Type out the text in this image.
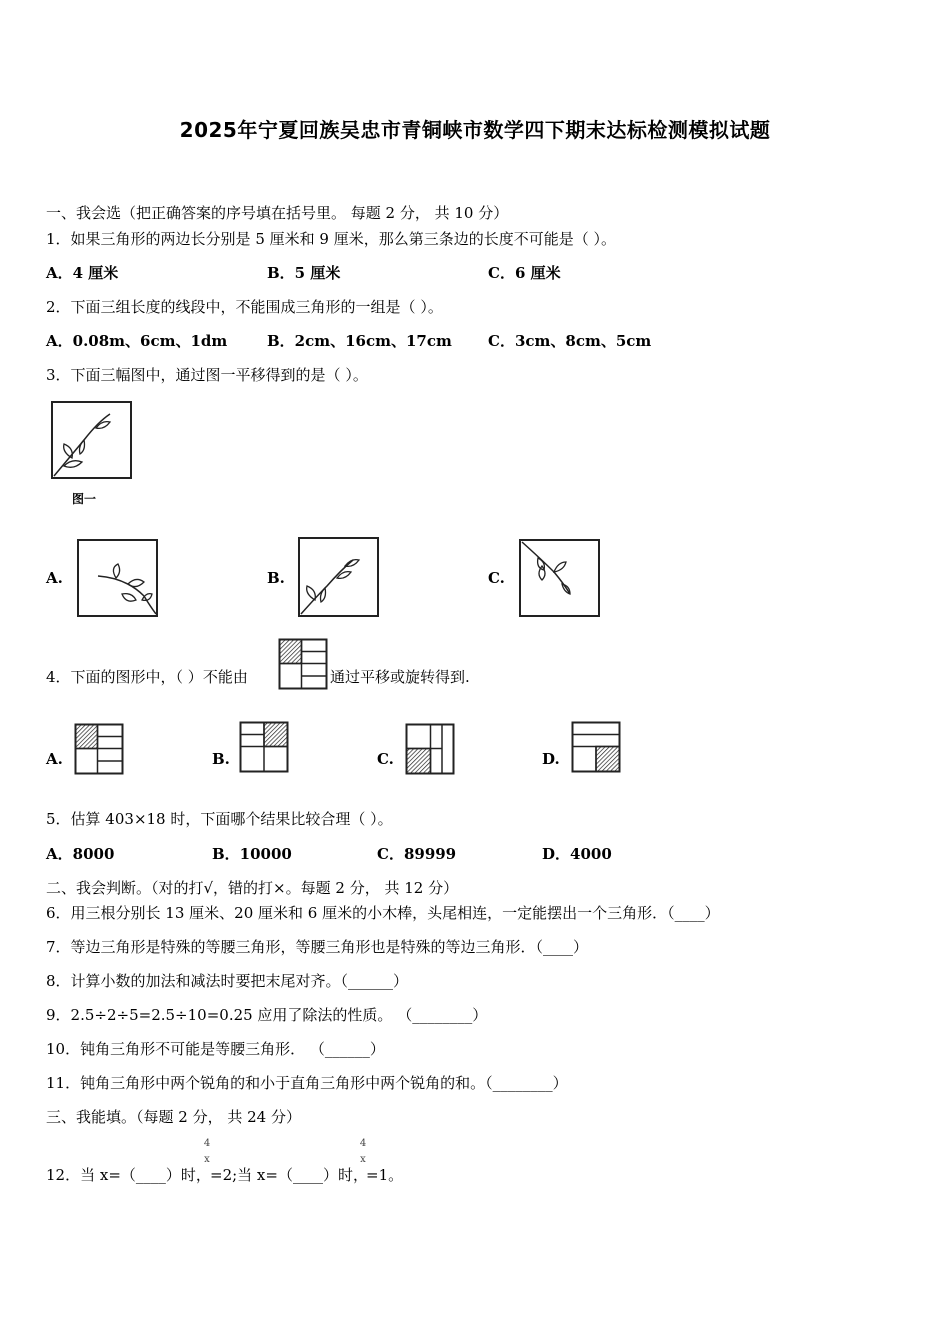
2025年宁夏回族吴忠市青铜峡市数学四下期末达标检测模拟试题
一、我会选（把正确答案的序号填在括号里。 每题 2 分， 共 10 分）
1．如果三角形的两边长分别是 5 厘米和 9 厘米，那么第三条边的长度不可能是（ ）。
A．4 厘米	B．5 厘米	C．6 厘米
2．下面三组长度的线段中，不能围成三角形的一组是（ ）。
A．0.08m、6cm、1dm	B．2cm、16cm、17cm C．3cm、8cm、5cm
3．下面三幅图中，通过图一平移得到的是（ ）。
图一
A.	B.	C.
4．下面的图形中，（ ）不能由	通过平移或旋转得到.
A.	B.	C.	D.
5．估算 403×18 时，下面哪个结果比较合理（ ）。
A．8000	B．10000	C．89999	D．4000
二、我会判断。（对的打√，错的打×。每题 2 分， 共 12 分）
6．用三根分别长 13 厘米、20 厘米和 6 厘米的小木棒，头尾相连，一定能摆出一个三角形．（____）
7．等边三角形是特殊的等腰三角形，等腰三角形也是特殊的等边三角形．（____）
8．计算小数的加法和减法时要把末尾对齐。（______）
9．2.5÷2÷5=2.5÷10=0.25 应用了除法的性质。 （________）
10．钝角三角形不可能是等腰三角形． （______）
11．钝角三角形中两个锐角的和小于直角三角形中两个锐角的和。（________）
三、我能填。（每题 2 分， 共 24 分）
12．当 x=（____）时，
4
x
=2;当 x=（____）时，
4
x
=1。
